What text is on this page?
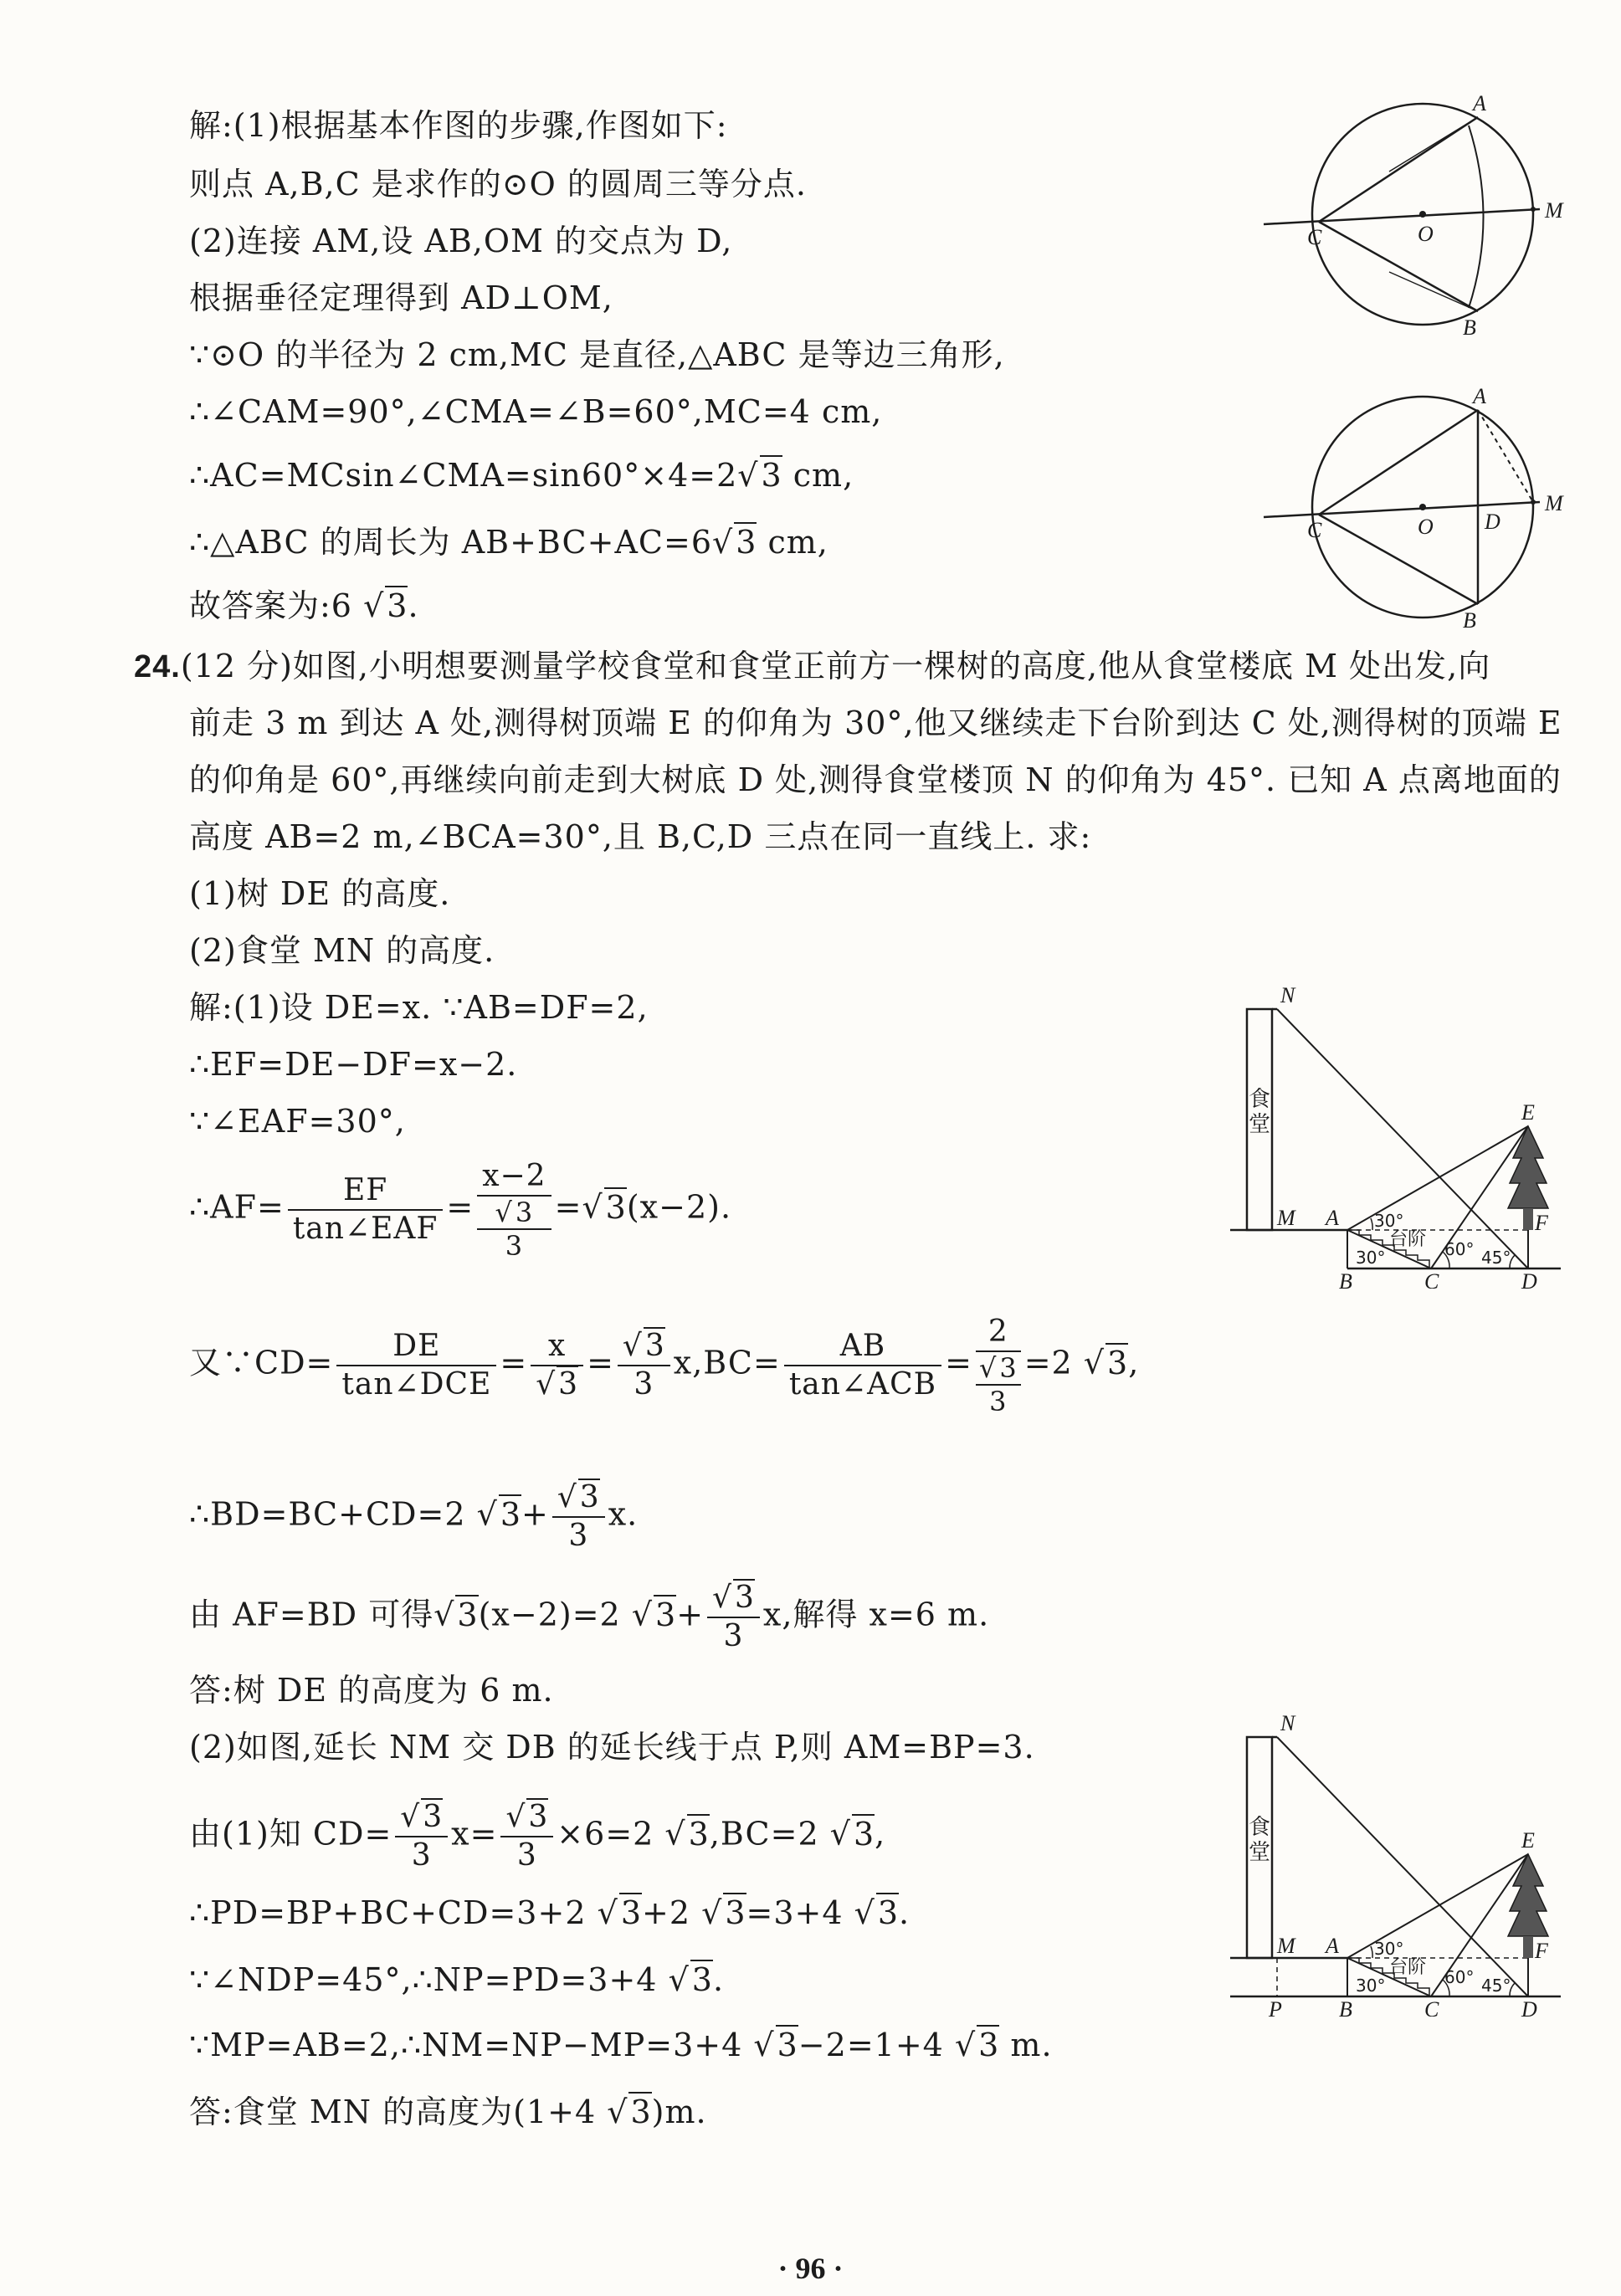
解:(1)根据基本作图的步骤,作图如下:
则点 A,B,C 是求作的⊙O 的圆周三等分点.
(2)连接 AM,设 AB,OM 的交点为 D,
根据垂径定理得到 AD⊥OM,
∵⊙O 的半径为 2 cm,MC 是直径,△ABC 是等边三角形,
∴∠CAM=90°,∠CMA=∠B=60°,MC=4 cm,
∴AC=MCsin∠CMA=sin60°×4=2√3 cm,
∴△ABC 的周长为 AB+BC+AC=6√3 cm,
故答案为:6 √3.
A
C	O
M
B
A
C	O D
M
B
24.(12 分)如图,小明想要测量学校食堂和食堂正前方一棵树的高度,他从食堂楼底 M 处出发,向
前走 3 m 到达 A 处,测得树顶端 E 的仰角为 30°,他又继续走下台阶到达 C 处,测得树的顶端 E
的仰角是 60°,再继续向前走到大树底 D 处,测得食堂楼顶 N 的仰角为 45°. 已知 A 点离地面的
高度 AB=2 m,∠BCA=30°,且 B,C,D 三点在同一直线上. 求:
(1)树 DE 的高度.
(2)食堂 MN 的高度.
解:(1)设 DE=x. ∵AB=DF=2,
∴EF=DE−DF=x−2.
∵∠EAF=30°,
∴AF= $\frac{EF}{\text{tan∠EAF}} = x-2$
√3
3 =√3(x−2).
又∵CD= $\frac{DE}{\text{tan∠DCE}} = \frac{x}{√3} = \frac{√3}{3} x,BC= \frac{AB}{\text{tan∠ACB}} = 2$
√3
3 =2 √3,
∴BD=BC+CD=2 $√3+ \frac{√3}{3} x$.
由 AF=BD 可得√3(x−2)=2 $√3+ \frac{√3}{3} x$,解得 x=6 m.
答:树 DE 的高度为 6 m.
(2)如图,延长 NM 交 DB 的延长线于点 P,则 AM=BP=3.
由(1)知 $CD= \frac{√3}{3} x= \frac{√3}{3} \times 6=2$ √3,BC=2 √3,
∴PD=BP+BC+CD=3+2 √3+2 √3=3+4 √3.
∵∠NDP=45°,∴NP=PD=3+4 √3.
∵MP=AB=2,∴NM=NP−MP=3+4 √3−2=1+4 √3 m.
答:食堂 MN 的高度为(1+4 √3)m.
食
堂
N
M A
B	C	D
E
F
台阶
30°
30°	60° 45°
食
堂
N
M A
P	B	C	D
E
F
台阶
30°
30°	60° 45°
· 96 ·
